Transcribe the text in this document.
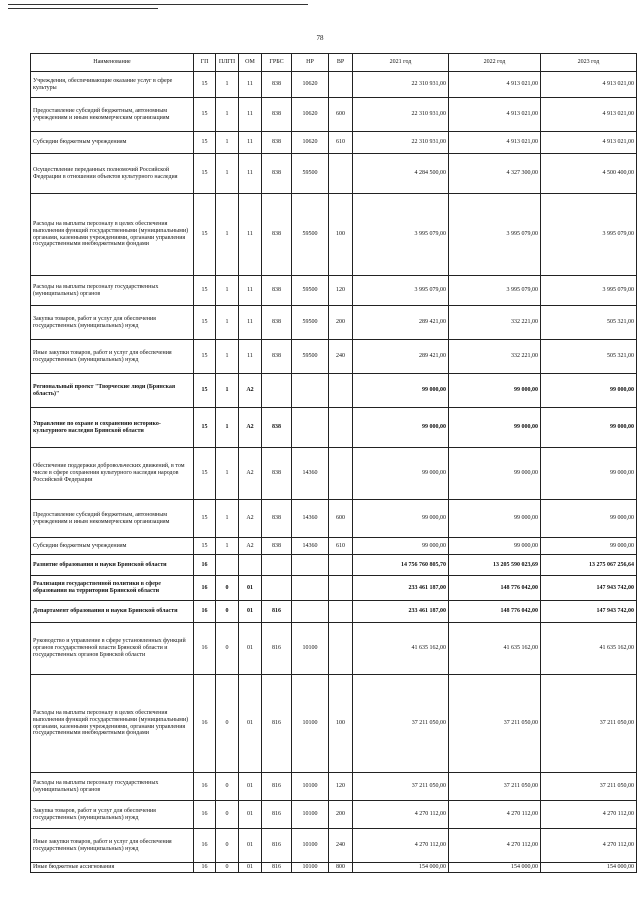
78
Наименование	ГП	ПЛГП	ОМ	ГРБС	НР	ВР	2021 год	2022 год	2023 год
Учреждения, обеспечивающие оказание услуг в сфере культуры	15	1	11	838	10620		22 310 931,00	4 913 021,00	4 913 021,00
Предоставление субсидий бюджетным, автономным учреждениям и иным некоммерческим организациям	15	1	11	838	10620	600	22 310 931,00	4 913 021,00	4 913 021,00
Субсидии бюджетным учреждениям	15	1	11	838	10620	610	22 310 931,00	4 913 021,00	4 913 021,00
Осуществление переданных полномочий Российской Федерации в отношении объектов культурного наследия	15	1	11	838	59500		4 284 500,00	4 327 300,00	4 500 400,00
Расходы на выплаты персоналу в целях обеспечения выполнения функций государственными (муниципальными) органами, казенными учреждениями, органами управления государственными внебюджетными фондами	15	1	11	838	59500	100	3 995 079,00	3 995 079,00	3 995 079,00
Расходы на выплаты персоналу государственных (муниципальных) органов	15	1	11	838	59500	120	3 995 079,00	3 995 079,00	3 995 079,00
Закупка товаров, работ и услуг для обеспечения государственных (муниципальных) нужд	15	1	11	838	59500	200	289 421,00	332 221,00	505 321,00
Иные закупки товаров, работ и услуг для обеспечения государственных (муниципальных) нужд	15	1	11	838	59500	240	289 421,00	332 221,00	505 321,00
Региональный проект "Творческие люди (Брянская область)"	15	1	A2				99 000,00	99 000,00	99 000,00
Управление по охране и сохранению историко-культурного наследия Брянской области	15	1	A2	838			99 000,00	99 000,00	99 000,00
Обеспечение поддержки добровольческих движений, в том числе в сфере сохранения культурного наследия народов Российской Федерации	15	1	A2	838	14360		99 000,00	99 000,00	99 000,00
Предоставление субсидий бюджетным, автономным учреждениям и иным некоммерческим организациям	15	1	A2	838	14360	600	99 000,00	99 000,00	99 000,00
Субсидии бюджетным учреждениям	15	1	A2	838	14360	610	99 000,00	99 000,00	99 000,00
Развитие образования и науки Брянской области	16						14 756 760 805,70	13 205 590 023,69	13 275 067 256,64
Реализация государственной политики в сфере образования на территории Брянской области	16	0	01				233 461 187,00	148 776 042,00	147 943 742,00
Департамент образования и науки Брянской области	16	0	01	816			233 461 187,00	148 776 042,00	147 943 742,00
Руководство и управление в сфере установленных функций органов государственной власти Брянской области и государственных органов Брянской области	16	0	01	816	10100		41 635 162,00	41 635 162,00	41 635 162,00
Расходы на выплаты персоналу в целях обеспечения выполнения функций государственными (муниципальными) органами, казенными учреждениями, органами управления государственными внебюджетными фондами	16	0	01	816	10100	100	37 211 050,00	37 211 050,00	37 211 050,00
Расходы на выплаты персоналу государственных (муниципальных) органов	16	0	01	816	10100	120	37 211 050,00	37 211 050,00	37 211 050,00
Закупка товаров, работ и услуг для обеспечения государственных (муниципальных) нужд	16	0	01	816	10100	200	4 270 112,00	4 270 112,00	4 270 112,00
Иные закупки товаров, работ и услуг для обеспечения государственных (муниципальных) нужд	16	0	01	816	10100	240	4 270 112,00	4 270 112,00	4 270 112,00
Иные бюджетные ассигнования	16	0	01	816	10100	800	154 000,00	154 000,00	154 000,00
